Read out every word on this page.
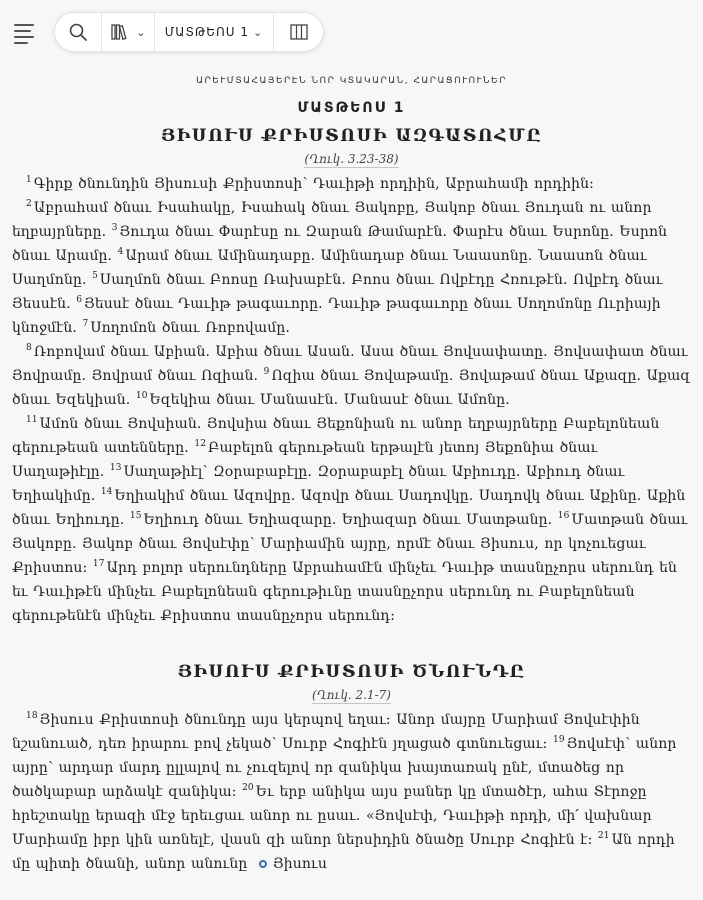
⌄ ՄԱՏԹԵՈՍ 1 ⌄
ԱՐԵՒՄՏԱՀԱՅԵՐԷՆ ՆՈՐ ԿՏԱԿԱՐԱՆ, ՀԱՐԱՑՈՒՈՒՆԵՐ
ՄԱՏԹԵՈՍ 1
ՅԻՍՈՒՍ ՔՐԻՍՏՈՍԻ ԱԶԳԱՏՈՀՄԸ
(Ղուկ. 3.23-38)

$^1$ Գիրք ծնունդին Յիսուսի Քրիստոսի՝ Դաւիթի որդիին, Աբրահամի որդիին:

$^2$ Աբրահամ ծնաւ Իսահակը, Իսահակ ծնաւ Յակոբը, Յակոբ ծնաւ Յուդան ու անոր եղբայրները. $^3$ Յուդա ծնաւ Փարէսը ու Զարան Թամարէն. Փարէս ծնաւ Եսրոնը. Եսրոն ծնաւ Արամը. $^4$ Արամ ծնաւ Ամինադաբը. Ամինադաբ ծնաւ Նաասոնը. Նաասոն ծնաւ Սաղմոնը. $^5$ Սաղմոն ծնաւ Բոոսը Ռախաբէն. Բոոս ծնաւ Ովբէդը Հռութէն. Ովբէդ ծնաւ Յեսսէն. $^6$ Յեսսէ ծնաւ Դաւիթ թագաւորը. Դաւիթ թագաւորը ծնաւ Սողոմոնը Ուրիայի կնոջմէն. $^7$ Սողոմոն ծնաւ Ռոբովամը.

$^8$ Ռոբովամ ծնաւ Աբիան. Աբիա ծնաւ Ասան. Ասա ծնաւ Յովսափատը. Յովսափատ ծնաւ Յովրամը. Յովրամ ծնաւ Ոզիան. $^9$ Ոզիա ծնաւ Յովաթամը. Յովաթամ ծնաւ Աքազը. Աքազ ծնաւ Եզեկիան. $^{10}$ Եզեկիա ծնաւ Մանասէն. Մանասէ ծնաւ Ամոնը.

$^{11}$ Ամոն ծնաւ Յովսիան. Յովսիա ծնաւ Յեքոնիան ու անոր եղբայրները Բաբելոնեան գերութեան ատենները. $^{12}$ Բաբելոն գերութեան երթալէն յետոյ Յեքոնիա ծնաւ Սաղաթիէլը. $^{13}$ Սաղաթիէլ՝ Զօրաբաբէլը. Զօրաբաբէլ ծնաւ Աբիուդը. Աբիուդ ծնաւ Եղիակիմը. $^{14}$ Եղիակիմ ծնաւ Ազովրը. Ազովր ծնաւ Սադովկը. Սադովկ ծնաւ Աքինը. Աքին ծնաւ Եղիուդը. $^{15}$ Եղիուդ ծնաւ Եղիազարը. Եղիազար ծնաւ Մատթանը. $^{16}$ Մատթան ծնաւ Յակոբը. Յակոբ ծնաւ Յովսէփը՝ Մարիամին այրը, որմէ ծնաւ Յիսուս, որ կոչուեցաւ Քրիստոս: $^{17}$ Արդ բոլոր սերունդները Աբրահամէն մինչեւ Դաւիթ տասնըչորս սերունդ են եւ Դաւիթէն մինչեւ Բաբելոնեան գերութիւնը տասնըչորս սերունդ ու Բաբելոնեան գերութենէն մինչեւ Քրիստոս տասնըչորս սերունդ:

ՅԻՍՈՒՍ ՔՐԻՍՏՈՍԻ ԾՆՈՒՆԴԸ
(Ղուկ. 2.1-7)

$^{18}$ Յիսուս Քրիստոսի ծնունդը այս կերպով եղաւ: Անոր մայրը Մարիամ Յովսէփին նշանուած, դեռ իրարու բով չեկած՝ Սուրբ Հոգիէն յղացած գտնուեցաւ: $^{19}$ Յովսէփ՝ անոր այրը՝ արդար մարդ ըլլալով ու չուզելով որ զանիկա խայտառակ ընէ, մտածեց որ ծածկաբար արձակէ զանիկա: $^{20}$ Եւ երբ անիկա այս բաներ կը մտածէր, ահա Տէրոջը հրեշտակը երազի մէջ երեւցաւ անոր ու ըսաւ. «Յովսէփ, Դաւիթի որդի, մի՛ վախնար Մարիամը իբր կին առնելէ, վասն զի անոր ներսիդին ծնածը Սուրբ Հոգիէն է: $^{21}$ Ան որդի մը պիտի ծնանի, անոր անունը Յիսուս
